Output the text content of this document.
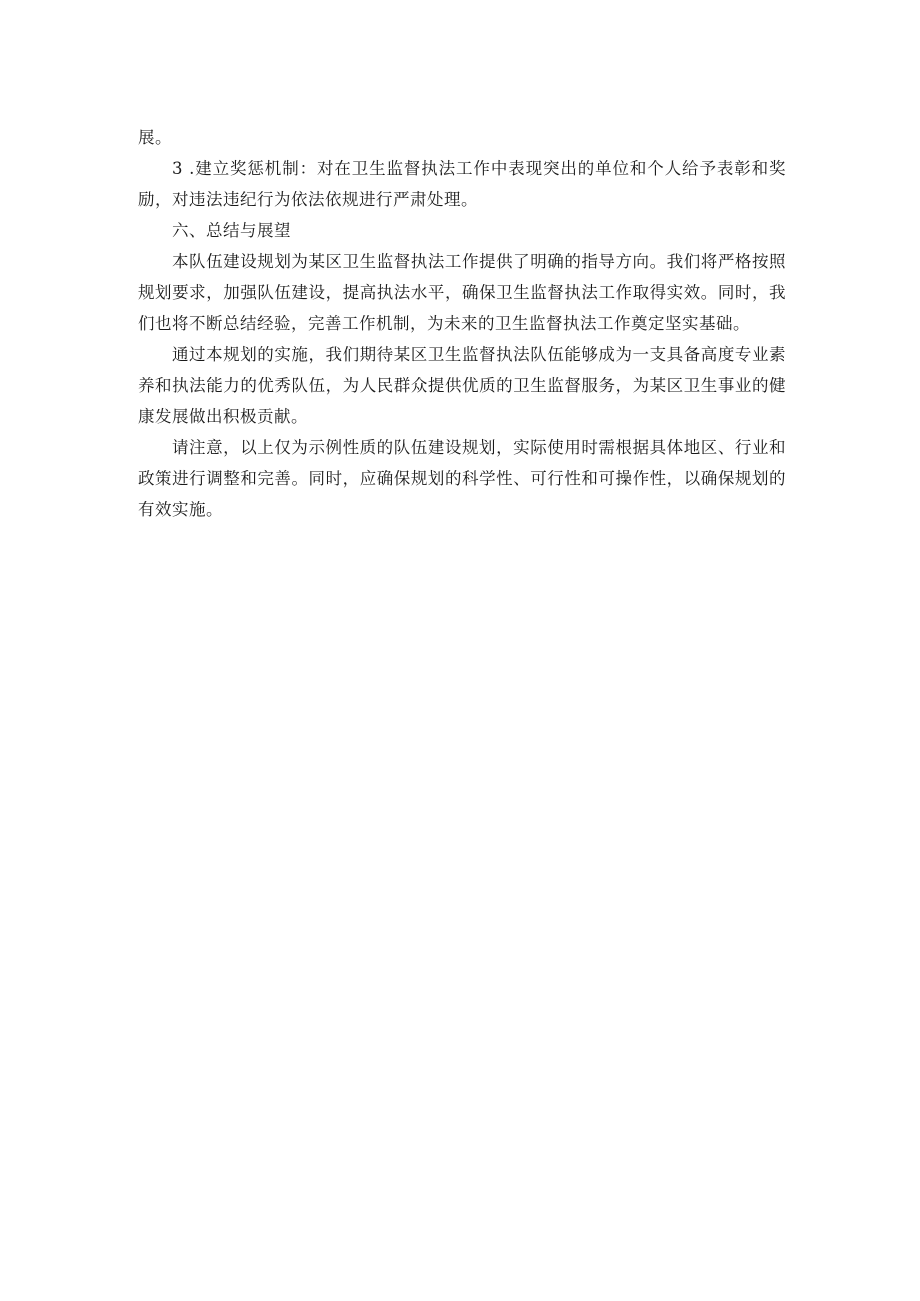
展。
3 .建立奖惩机制：对在卫生监督执法工作中表现突出的单位和个人给予表彰和奖
励，对违法违纪行为依法依规进行严肃处理。
六、总结与展望
本队伍建设规划为某区卫生监督执法工作提供了明确的指导方向。我们将严格按照
规划要求，加强队伍建设，提高执法水平，确保卫生监督执法工作取得实效。同时，我
们也将不断总结经验，完善工作机制，为未来的卫生监督执法工作奠定坚实基础。
通过本规划的实施，我们期待某区卫生监督执法队伍能够成为一支具备高度专业素
养和执法能力的优秀队伍，为人民群众提供优质的卫生监督服务，为某区卫生事业的健
康发展做出积极贡献。
请注意，以上仅为示例性质的队伍建设规划，实际使用时需根据具体地区、行业和
政策进行调整和完善。同时，应确保规划的科学性、可行性和可操作性，以确保规划的
有效实施。
